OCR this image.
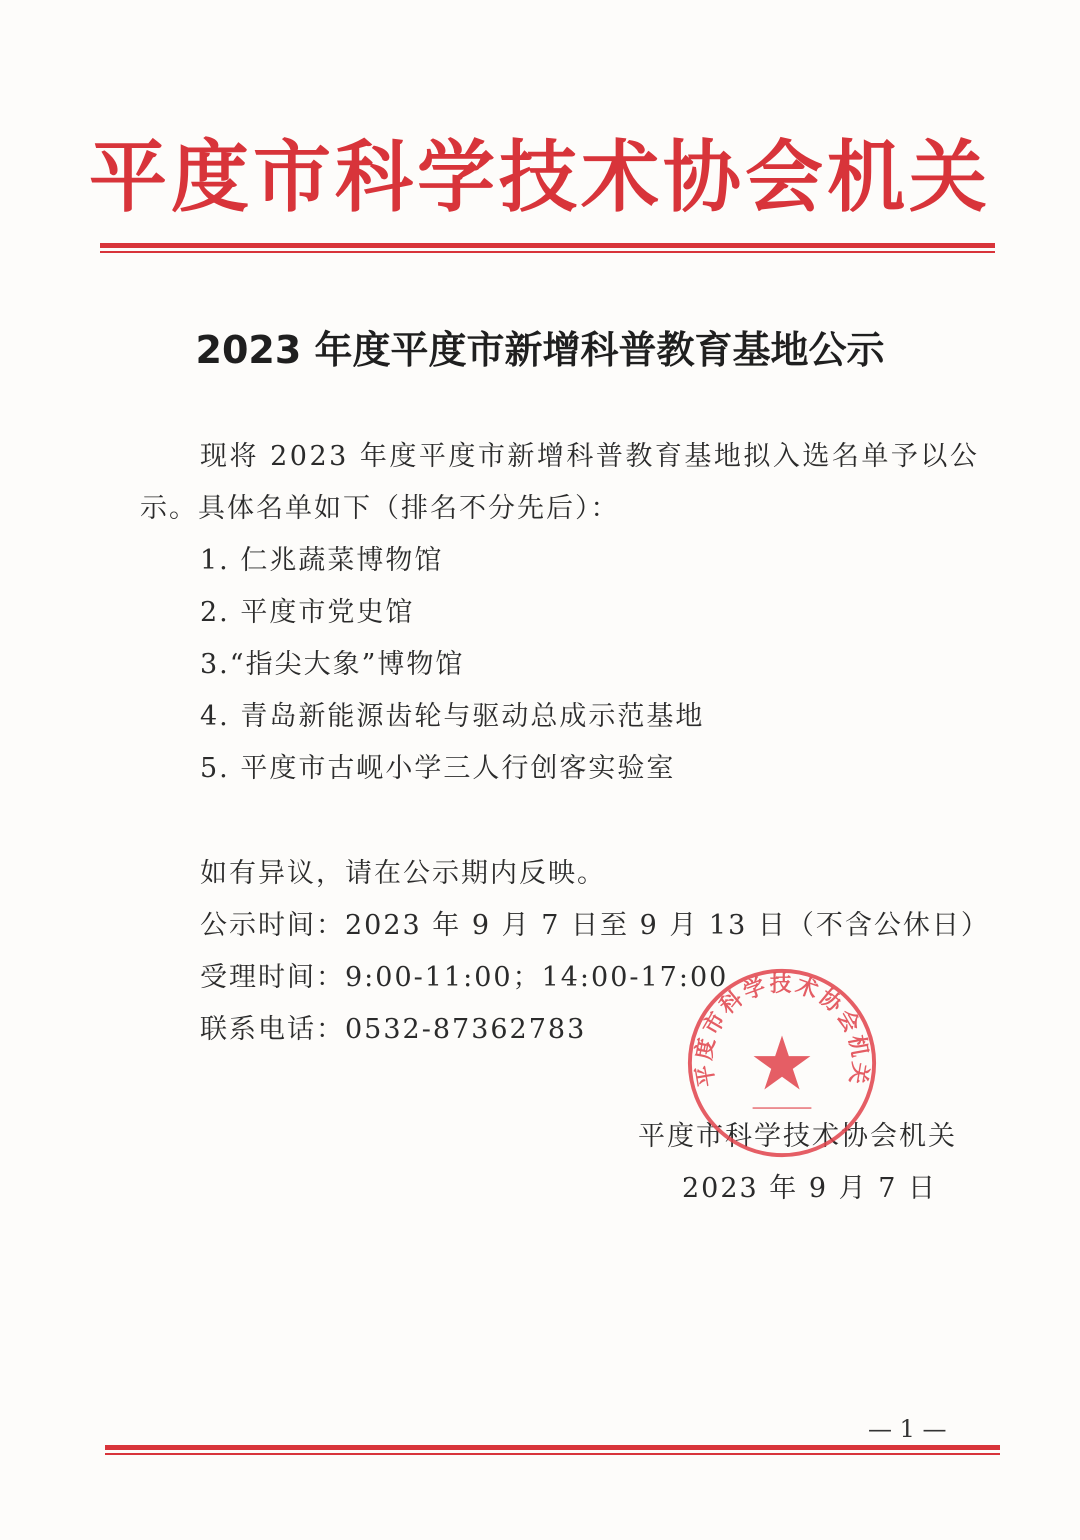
平度市科学技术协会机关
2023 年度平度市新增科普教育基地公示
现将 2023 年度平度市新增科普教育基地拟入选名单予以公
示。具体名单如下（排名不分先后）：
1. 仁兆蔬菜博物馆
2. 平度市党史馆
3.“指尖大象”博物馆
4. 青岛新能源齿轮与驱动总成示范基地
5. 平度市古岘小学三人行创客实验室
如有异议，请在公示期内反映。
公示时间：2023 年 9 月 7 日至 9 月 13 日（不含公休日）
受理时间：9:00-11:00；14:00-17:00
联系电话：0532-87362783
平度市科学技术协会机关
2023 年 9 月 7 日
平度市科学技术协会机关
— 1 —
